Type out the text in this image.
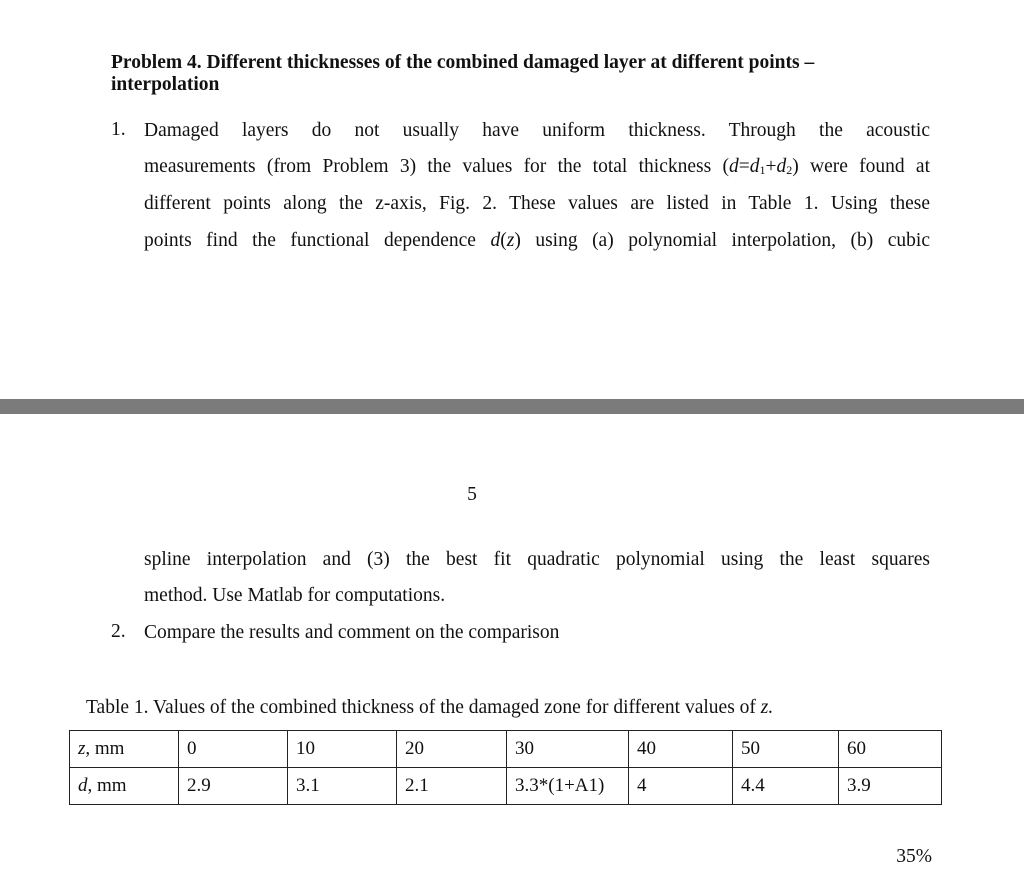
Problem 4. Different thicknesses of the combined damaged layer at different points –
interpolation
1. Damaged layers do not usually have uniform thickness. Through the acoustic
measurements (from Problem 3) the values for the total thickness $(d=d_1+d_2)$ were found at
different points along the z-axis, Fig. 2. These values are listed in Table 1. Using these
points find the functional dependence d(z) using (a) polynomial interpolation, (b) cubic
5
spline interpolation and (3) the best fit quadratic polynomial using the least squares
method. Use Matlab for computations.
2. Compare the results and comment on the comparison
Table 1. Values of the combined thickness of the damaged zone for different values of z.
z, mm	0	10	20	30	40	50	60
d, mm	2.9	3.1	2.1	3.3*(1+A1)	4	4.4	3.9
35%
